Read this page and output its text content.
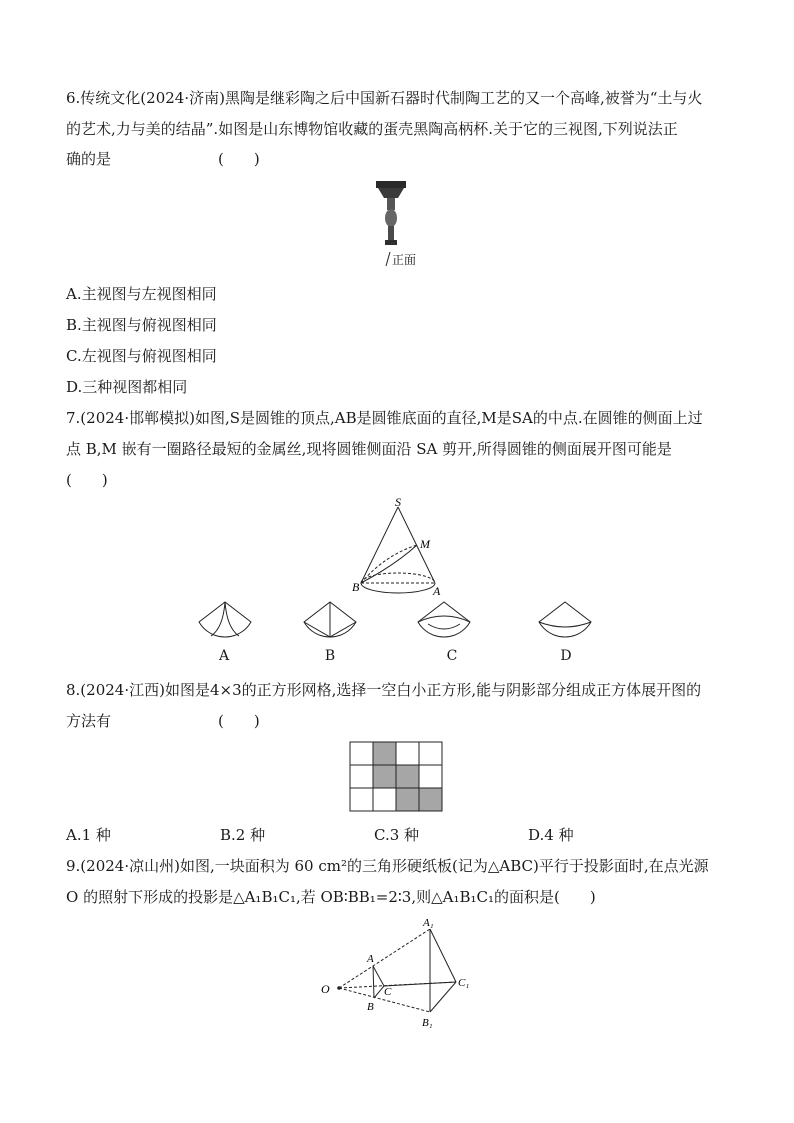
6.传统文化(2024·济南)黑陶是继彩陶之后中国新石器时代制陶工艺的又一个高峰,被誉为“土与火
的艺术,力与美的结晶”.如图是山东博物馆收藏的蛋壳黑陶高柄杯.关于它的三视图,下列说法正
确的是	(　　)
正面
A.主视图与左视图相同
B.主视图与俯视图相同
C.左视图与俯视图相同
D.三种视图都相同
7.(2024·邯郸模拟)如图,S是圆锥的顶点,AB是圆锥底面的直径,M是SA的中点.在圆锥的侧面上过
点 B,M 嵌有一圈路径最短的金属丝,现将圆锥侧面沿 SA 剪开,所得圆锥的侧面展开图可能是
(　　)
S
M
B	A
A	B	C	D
8.(2024·江西)如图是4×3的正方形网格,选择一空白小正方形,能与阴影部分组成正方体展开图的
方法有	(　　)
A.1 种	B.2 种	C.3 种	D.4 种
9.(2024·凉山州)如图,一块面积为 60 cm²的三角形硬纸板(记为△ABC)平行于投影面时,在点光源
O 的照射下形成的投影是△A₁B₁C₁,若 OB∶BB₁=2∶3,则△A₁B₁C₁的面积是(　　)
O
A
B
C
A₁
B₁
C₁
